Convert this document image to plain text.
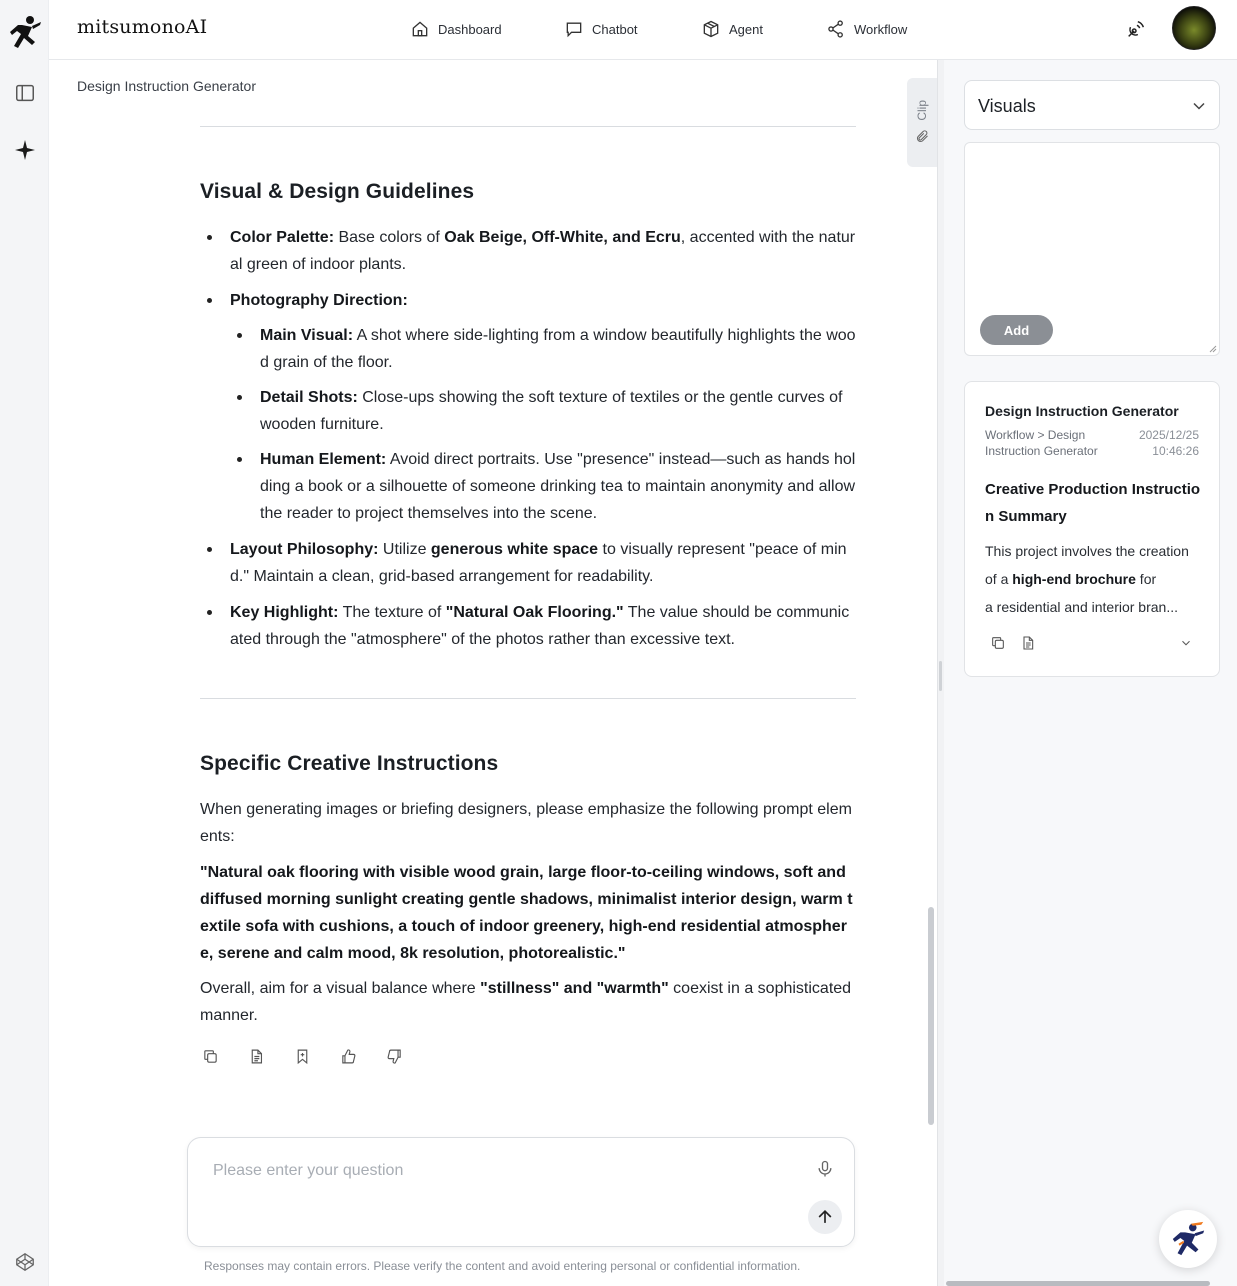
mitsumonoAI	Dashboard	Chatbot	Agent	Workflow
Design Instruction Generator
Visual & Design Guidelines
Color Palette: Base colors of Oak Beige, Off-White, and Ecru, accented with the natural green of indoor plants.
Photography Direction:
Main Visual: A shot where side-lighting from a window beautifully highlights the wood grain of the floor.
Detail Shots: Close-ups showing the soft texture of textiles or the gentle curves of wooden furniture.
Human Element: Avoid direct portraits. Use "presence" instead—such as hands holding a book or a silhouette of someone drinking tea to maintain anonymity and allow the reader to project themselves into the scene.
Layout Philosophy: Utilize generous white space to visually represent "peace of mind." Maintain a clean, grid-based arrangement for readability.
Key Highlight: The texture of "Natural Oak Flooring." The value should be communicated through the "atmosphere" of the photos rather than excessive text.
Specific Creative Instructions

When generating images or briefing designers, please emphasize the following prompt elements:

"Natural oak flooring with visible wood grain, large floor-to-ceiling windows, soft and diffused morning sunlight creating gentle shadows, minimalist interior design, warm textile sofa with cushions, a touch of indoor greenery, high-end residential atmosphere, serene and calm mood, 8k resolution, photorealistic."

Overall, aim for a visual balance where "stillness" and "warmth" coexist in a sophisticated manner.

Clip
Please enter your question
Responses may contain errors. Please verify the content and avoid entering personal or confidential information.
Visuals
Add
Design Instruction Generator
Workflow > Design Instruction Generator
2025/12/25 10:46:26
Creative Production Instruction Summary
This project involves the creation of a high-end brochure for
a residential and interior bran...
